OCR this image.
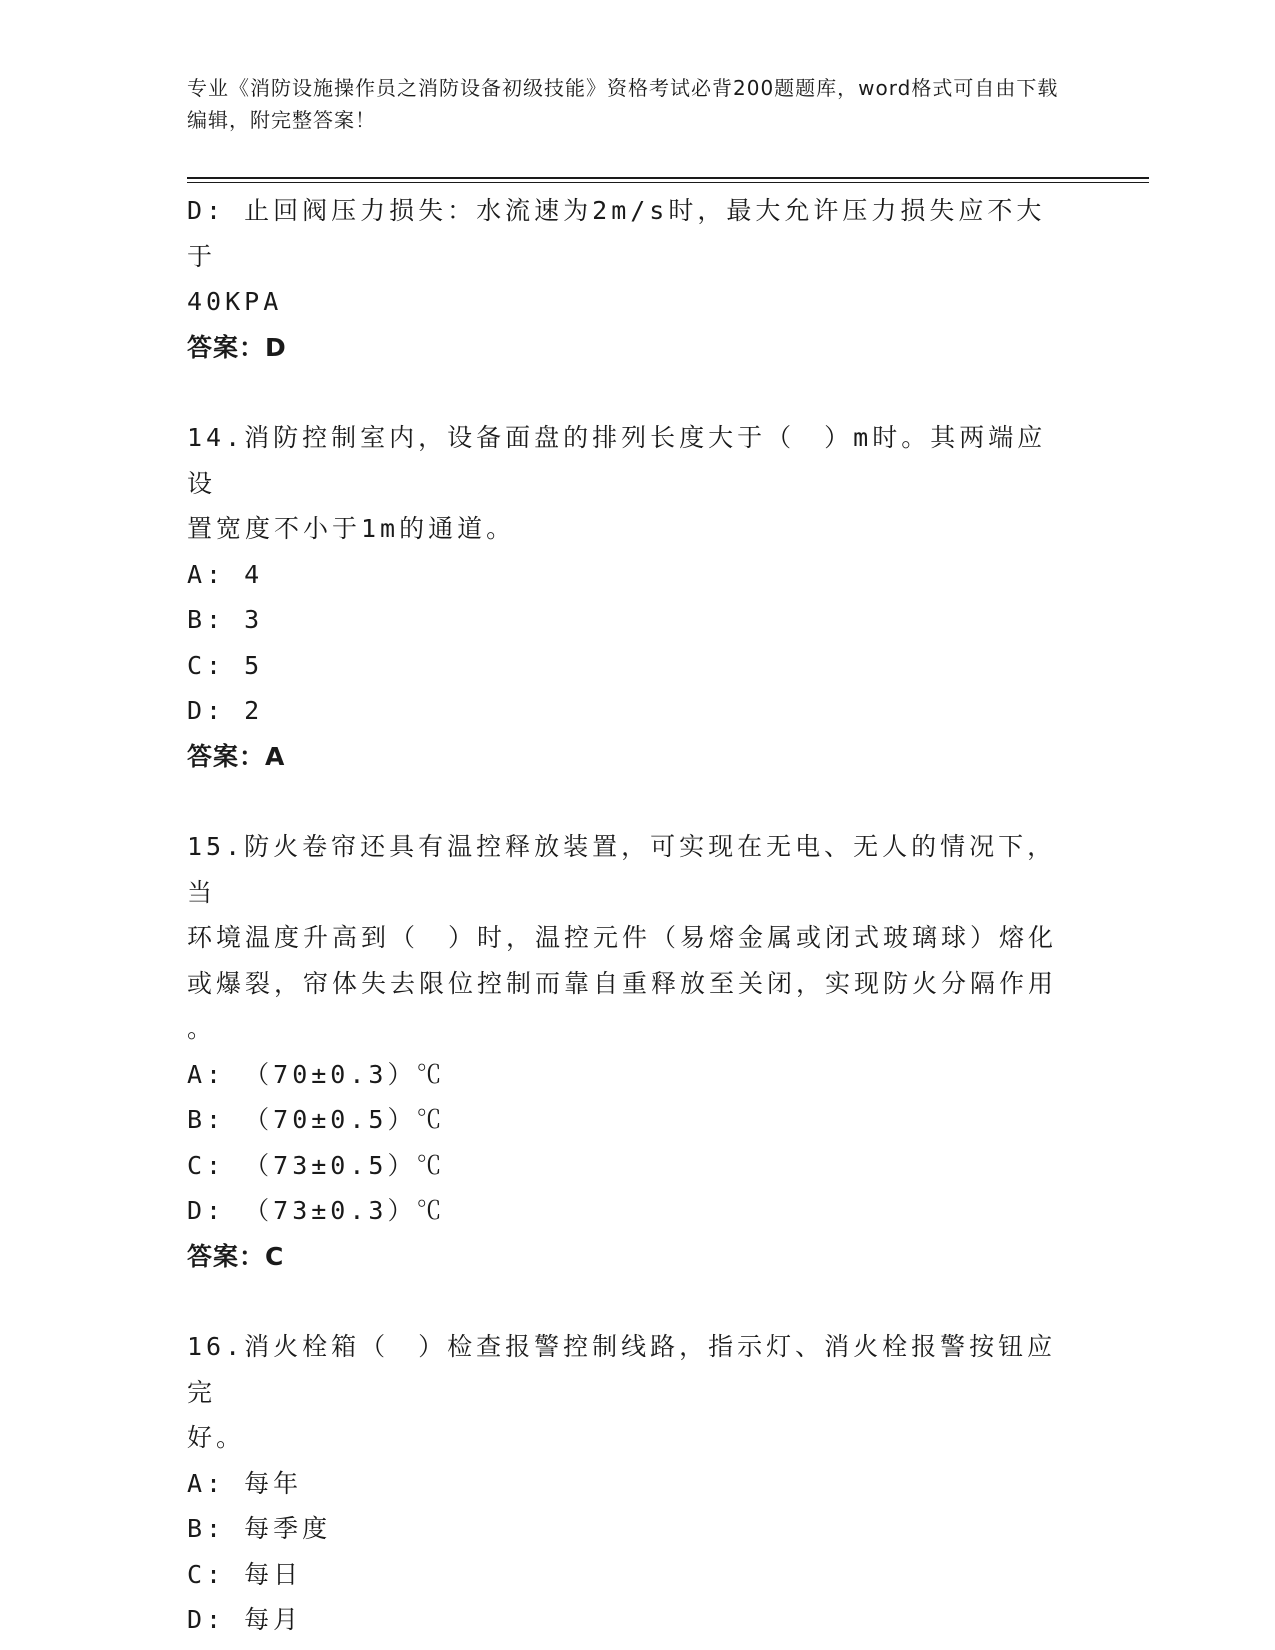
专业《消防设施操作员之消防设备初级技能》资格考试必背200题题库，word格式可自由下载编辑，附完整答案！
D: 止回阀压力损失：水流速为2m/s时，最大允许压力损失应不大于
40KPA
答案：D
14.消防控制室内，设备面盘的排列长度大于（　）m时。其两端应设
置宽度不小于1m的通道。
A: 4
B: 3
C: 5
D: 2
答案：A
15.防火卷帘还具有温控释放装置，可实现在无电、无人的情况下，当
环境温度升高到（　）时，温控元件（易熔金属或闭式玻璃球）熔化
或爆裂，帘体失去限位控制而靠自重释放至关闭，实现防火分隔作用
。
A: （70±0.3）℃
B: （70±0.5）℃
C: （73±0.5）℃
D: （73±0.3）℃
答案：C
16.消火栓箱（　）检查报警控制线路，指示灯、消火栓报警按钮应完
好。
A: 每年
B: 每季度
C: 每日
D: 每月
